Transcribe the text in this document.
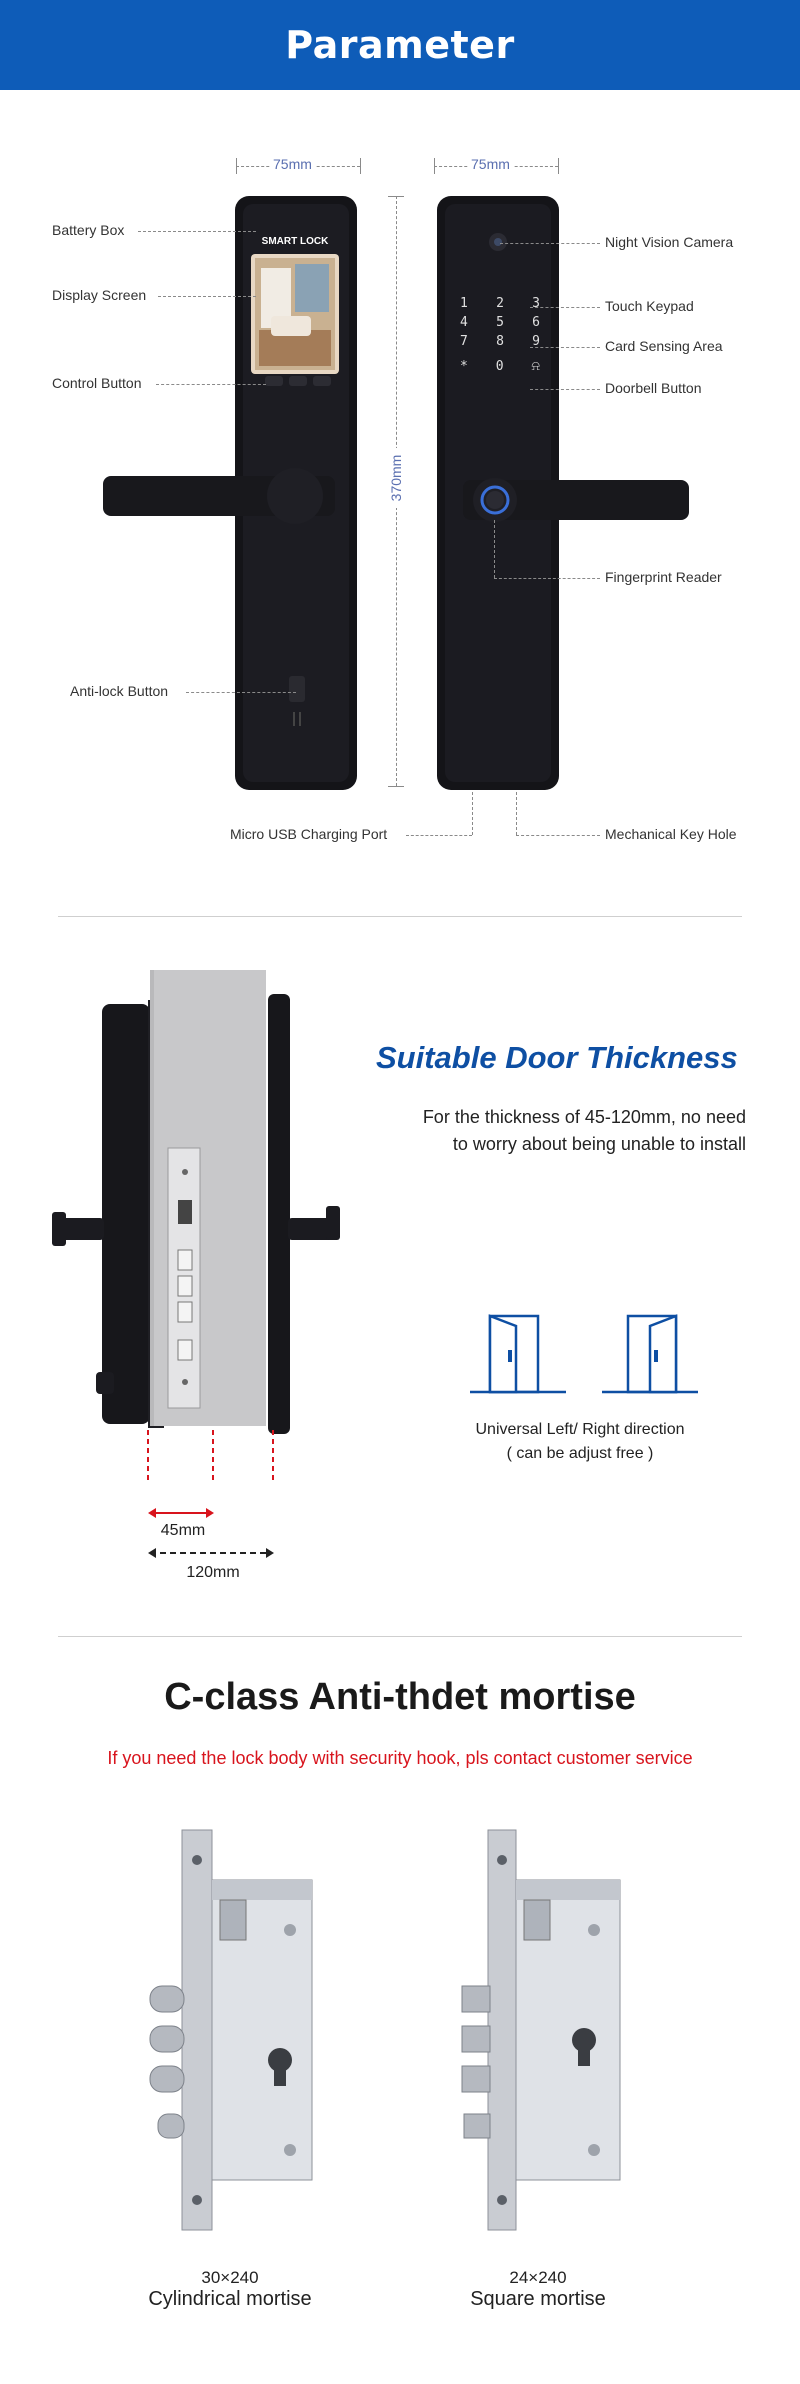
Parameter
75mm	75mm
370mm
SMART LOCK
1 2 3
4 5 6
7 8 9
* 0 ⍾
Battery Box
Display Screen
Control Button
Anti-lock Button
Micro USB Charging Port
Night Vision Camera
Touch Keypad
Card Sensing Area
Doorbell Button
Fingerprint Reader
Mechanical Key Hole
45mm
120mm
Suitable Door Thickness
For the thickness of 45-120mm, no need
to worry about being unable to install
Universal Left/ Right direction
( can be adjust free )
C-class Anti-thdet mortise
If you need the lock body with security hook, pls contact customer service
30×240
Cylindrical mortise
24×240
Square mortise
